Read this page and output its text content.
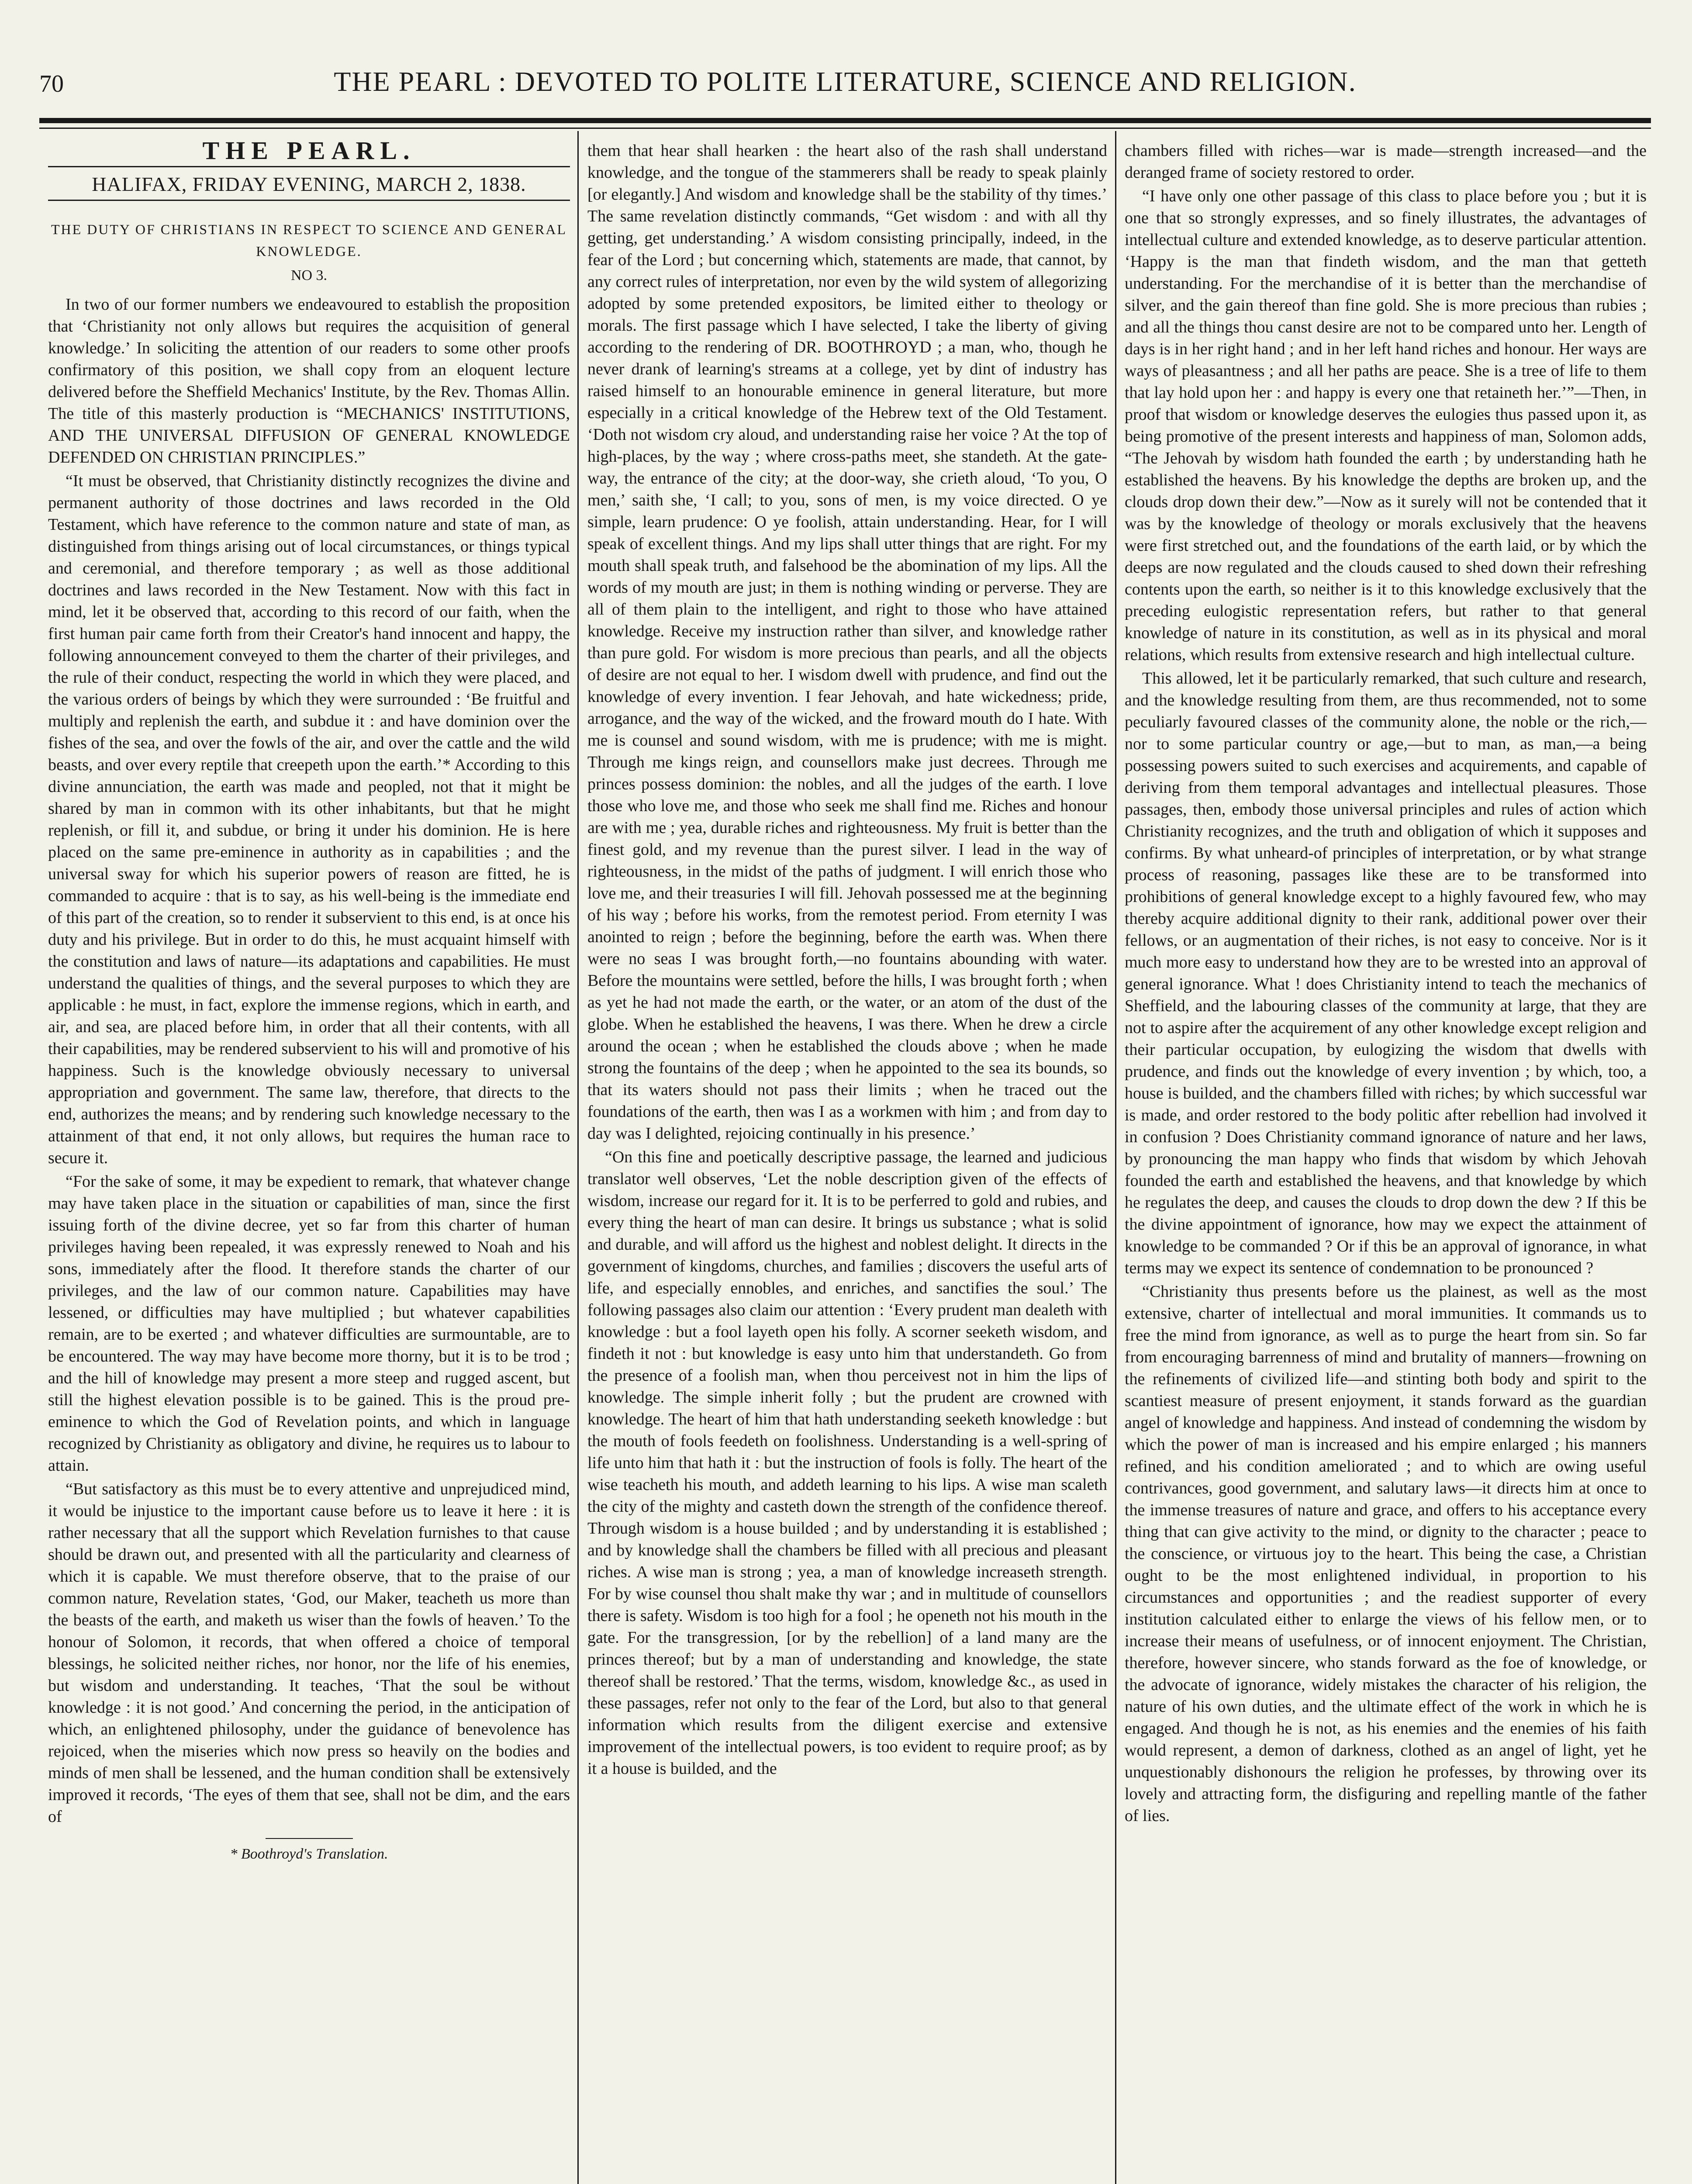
70	THE PEARL : DEVOTED TO POLITE LITERATURE, SCIENCE AND RELIGION.
THE PEARL.
HALIFAX, FRIDAY EVENING, MARCH 2, 1838.
THE DUTY OF CHRISTIANS IN RESPECT TO SCIENCE AND GENERAL KNOWLEDGE.
NO 3.

In two of our former numbers we endeavoured to establish the proposition that ‘Christianity not only allows but requires the acquisition of general knowledge.’ In soliciting the attention of our readers to some other proofs confirmatory of this position, we shall copy from an eloquent lecture delivered before the Sheffield Mechanics' Institute, by the Rev. Thomas Allin. The title of this masterly production is “MECHANICS' INSTITUTIONS, AND THE UNIVERSAL DIFFUSION OF GENERAL KNOWLEDGE DEFENDED ON CHRISTIAN PRINCIPLES.”

“It must be observed, that Christianity distinctly recognizes the divine and permanent authority of those doctrines and laws recorded in the Old Testament, which have reference to the common nature and state of man, as distinguished from things arising out of local circumstances, or things typical and ceremonial, and therefore temporary ; as well as those additional doctrines and laws recorded in the New Testament. Now with this fact in mind, let it be observed that, according to this record of our faith, when the first human pair came forth from their Creator's hand innocent and happy, the following announcement conveyed to them the charter of their privileges, and the rule of their conduct, respecting the world in which they were placed, and the various orders of beings by which they were surrounded : ‘Be fruitful and multiply and replenish the earth, and subdue it : and have dominion over the fishes of the sea, and over the fowls of the air, and over the cattle and the wild beasts, and over every reptile that creepeth upon the earth.’* According to this divine annunciation, the earth was made and peopled, not that it might be shared by man in common with its other inhabitants, but that he might replenish, or fill it, and subdue, or bring it under his dominion. He is here placed on the same pre-eminence in authority as in capabilities ; and the universal sway for which his superior powers of reason are fitted, he is commanded to acquire : that is to say, as his well-being is the immediate end of this part of the creation, so to render it subservient to this end, is at once his duty and his privilege. But in order to do this, he must acquaint himself with the constitution and laws of nature—its adaptations and capabilities. He must understand the qualities of things, and the several purposes to which they are applicable : he must, in fact, explore the immense regions, which in earth, and air, and sea, are placed before him, in order that all their contents, with all their capabilities, may be rendered subservient to his will and promotive of his happiness. Such is the knowledge obviously necessary to universal appropriation and government. The same law, therefore, that directs to the end, authorizes the means; and by rendering such knowledge necessary to the attainment of that end, it not only allows, but requires the human race to secure it.

“For the sake of some, it may be expedient to remark, that whatever change may have taken place in the situation or capabilities of man, since the first issuing forth of the divine decree, yet so far from this charter of human privileges having been repealed, it was expressly renewed to Noah and his sons, immediately after the flood. It therefore stands the charter of our privileges, and the law of our common nature. Capabilities may have lessened, or difficulties may have multiplied ; but whatever capabilities remain, are to be exerted ; and whatever difficulties are surmountable, are to be encountered. The way may have become more thorny, but it is to be trod ; and the hill of knowledge may present a more steep and rugged ascent, but still the highest elevation possible is to be gained. This is the proud pre-eminence to which the God of Revelation points, and which in language recognized by Christianity as obligatory and divine, he requires us to labour to attain.

“But satisfactory as this must be to every attentive and unprejudiced mind, it would be injustice to the important cause before us to leave it here : it is rather necessary that all the support which Revelation furnishes to that cause should be drawn out, and presented with all the particularity and clearness of which it is capable. We must therefore observe, that to the praise of our common nature, Revelation states, ‘God, our Maker, teacheth us more than the beasts of the earth, and maketh us wiser than the fowls of heaven.’ To the honour of Solomon, it records, that when offered a choice of temporal blessings, he solicited neither riches, nor honor, nor the life of his enemies, but wisdom and understanding. It teaches, ‘That the soul be without knowledge : it is not good.’ And concerning the period, in the anticipation of which, an enlightened philosophy, under the guidance of benevolence has rejoiced, when the miseries which now press so heavily on the bodies and minds of men shall be lessened, and the human condition shall be extensively improved it records, ‘The eyes of them that see, shall not be dim, and the ears of

* Boothroyd's Translation.

them that hear shall hearken : the heart also of the rash shall understand knowledge, and the tongue of the stammerers shall be ready to speak plainly [or elegantly.] And wisdom and knowledge shall be the stability of thy times.’ The same revelation distinctly commands, “Get wisdom : and with all thy getting, get understanding.’ A wisdom consisting principally, indeed, in the fear of the Lord ; but concerning which, statements are made, that cannot, by any correct rules of interpretation, nor even by the wild system of allegorizing adopted by some pretended expositors, be limited either to theology or morals. The first passage which I have selected, I take the liberty of giving according to the rendering of DR. BOOTHROYD ; a man, who, though he never drank of learning's streams at a college, yet by dint of industry has raised himself to an honourable eminence in general literature, but more especially in a critical knowledge of the Hebrew text of the Old Testament. ‘Doth not wisdom cry aloud, and understanding raise her voice ? At the top of high-places, by the way ; where cross-paths meet, she standeth. At the gate-way, the entrance of the city; at the door-way, she crieth aloud, ‘To you, O men,’ saith she, ‘I call; to you, sons of men, is my voice directed. O ye simple, learn prudence: O ye foolish, attain understanding. Hear, for I will speak of excellent things. And my lips shall utter things that are right. For my mouth shall speak truth, and falsehood be the abomination of my lips. All the words of my mouth are just; in them is nothing winding or perverse. They are all of them plain to the intelligent, and right to those who have attained knowledge. Receive my instruction rather than silver, and knowledge rather than pure gold. For wisdom is more precious than pearls, and all the objects of desire are not equal to her. I wisdom dwell with prudence, and find out the knowledge of every invention. I fear Jehovah, and hate wickedness; pride, arrogance, and the way of the wicked, and the froward mouth do I hate. With me is counsel and sound wisdom, with me is prudence; with me is might. Through me kings reign, and counsellors make just decrees. Through me princes possess dominion: the nobles, and all the judges of the earth. I love those who love me, and those who seek me shall find me. Riches and honour are with me ; yea, durable riches and righteousness. My fruit is better than the finest gold, and my revenue than the purest silver. I lead in the way of righteousness, in the midst of the paths of judgment. I will enrich those who love me, and their treasuries I will fill. Jehovah possessed me at the beginning of his way ; before his works, from the remotest period. From eternity I was anointed to reign ; before the beginning, before the earth was. When there were no seas I was brought forth,—no fountains abounding with water. Before the mountains were settled, before the hills, I was brought forth ; when as yet he had not made the earth, or the water, or an atom of the dust of the globe. When he established the heavens, I was there. When he drew a circle around the ocean ; when he established the clouds above ; when he made strong the fountains of the deep ; when he appointed to the sea its bounds, so that its waters should not pass their limits ; when he traced out the foundations of the earth, then was I as a workmen with him ; and from day to day was I delighted, rejoicing continually in his presence.’

“On this fine and poetically descriptive passage, the learned and judicious translator well observes, ‘Let the noble description given of the effects of wisdom, increase our regard for it. It is to be perferred to gold and rubies, and every thing the heart of man can desire. It brings us substance ; what is solid and durable, and will afford us the highest and noblest delight. It directs in the government of kingdoms, churches, and families ; discovers the useful arts of life, and especially ennobles, and enriches, and sanctifies the soul.’ The following passages also claim our attention : ‘Every prudent man dealeth with knowledge : but a fool layeth open his folly. A scorner seeketh wisdom, and findeth it not : but knowledge is easy unto him that understandeth. Go from the presence of a foolish man, when thou perceivest not in him the lips of knowledge. The simple inherit folly ; but the prudent are crowned with knowledge. The heart of him that hath understanding seeketh knowledge : but the mouth of fools feedeth on foolishness. Understanding is a well-spring of life unto him that hath it : but the instruction of fools is folly. The heart of the wise teacheth his mouth, and addeth learning to his lips. A wise man scaleth the city of the mighty and casteth down the strength of the confidence thereof. Through wisdom is a house builded ; and by understanding it is established ; and by knowledge shall the chambers be filled with all precious and pleasant riches. A wise man is strong ; yea, a man of knowledge increaseth strength. For by wise counsel thou shalt make thy war ; and in multitude of counsellors there is safety. Wisdom is too high for a fool ; he openeth not his mouth in the gate. For the transgression, [or by the rebellion] of a land many are the princes thereof; but by a man of understanding and knowledge, the state thereof shall be restored.’ That the terms, wisdom, knowledge &c., as used in these passages, refer not only to the fear of the Lord, but also to that general information which results from the diligent exercise and extensive improvement of the intellectual powers, is too evident to require proof; as by it a house is builded, and the

chambers filled with riches—war is made—strength increased—and the deranged frame of society restored to order.

“I have only one other passage of this class to place before you ; but it is one that so strongly expresses, and so finely illustrates, the advantages of intellectual culture and extended knowledge, as to deserve particular attention. ‘Happy is the man that findeth wisdom, and the man that getteth understanding. For the merchandise of it is better than the merchandise of silver, and the gain thereof than fine gold. She is more precious than rubies ; and all the things thou canst desire are not to be compared unto her. Length of days is in her right hand ; and in her left hand riches and honour. Her ways are ways of pleasantness ; and all her paths are peace. She is a tree of life to them that lay hold upon her : and happy is every one that retaineth her.’”—Then, in proof that wisdom or knowledge deserves the eulogies thus passed upon it, as being promotive of the present interests and happiness of man, Solomon adds, “The Jehovah by wisdom hath founded the earth ; by understanding hath he established the heavens. By his knowledge the depths are broken up, and the clouds drop down their dew.”—Now as it surely will not be contended that it was by the knowledge of theology or morals exclusively that the heavens were first stretched out, and the foundations of the earth laid, or by which the deeps are now regulated and the clouds caused to shed down their refreshing contents upon the earth, so neither is it to this knowledge exclusively that the preceding eulogistic representation refers, but rather to that general knowledge of nature in its constitution, as well as in its physical and moral relations, which results from extensive research and high intellectual culture.

This allowed, let it be particularly remarked, that such culture and research, and the knowledge resulting from them, are thus recommended, not to some peculiarly favoured classes of the community alone, the noble or the rich,—nor to some particular country or age,—but to man, as man,—a being possessing powers suited to such exercises and acquirements, and capable of deriving from them temporal advantages and intellectual pleasures. Those passages, then, embody those universal principles and rules of action which Christianity recognizes, and the truth and obligation of which it supposes and confirms. By what unheard-of principles of interpretation, or by what strange process of reasoning, passages like these are to be transformed into prohibitions of general knowledge except to a highly favoured few, who may thereby acquire additional dignity to their rank, additional power over their fellows, or an augmentation of their riches, is not easy to conceive. Nor is it much more easy to understand how they are to be wrested into an approval of general ignorance. What ! does Christianity intend to teach the mechanics of Sheffield, and the labouring classes of the community at large, that they are not to aspire after the acquirement of any other knowledge except religion and their particular occupation, by eulogizing the wisdom that dwells with prudence, and finds out the knowledge of every invention ; by which, too, a house is builded, and the chambers filled with riches; by which successful war is made, and order restored to the body politic after rebellion had involved it in confusion ? Does Christianity command ignorance of nature and her laws, by pronouncing the man happy who finds that wisdom by which Jehovah founded the earth and established the heavens, and that knowledge by which he regulates the deep, and causes the clouds to drop down the dew ? If this be the divine appointment of ignorance, how may we expect the attainment of knowledge to be commanded ? Or if this be an approval of ignorance, in what terms may we expect its sentence of condemnation to be pronounced ?

“Christianity thus presents before us the plainest, as well as the most extensive, charter of intellectual and moral immunities. It commands us to free the mind from ignorance, as well as to purge the heart from sin. So far from encouraging barrenness of mind and brutality of manners—frowning on the refinements of civilized life—and stinting both body and spirit to the scantiest measure of present enjoyment, it stands forward as the guardian angel of knowledge and happiness. And instead of condemning the wisdom by which the power of man is increased and his empire enlarged ; his manners refined, and his condition ameliorated ; and to which are owing useful contrivances, good government, and salutary laws—it directs him at once to the immense treasures of nature and grace, and offers to his acceptance every thing that can give activity to the mind, or dignity to the character ; peace to the conscience, or virtuous joy to the heart. This being the case, a Christian ought to be the most enlightened individual, in proportion to his circumstances and opportunities ; and the readiest supporter of every institution calculated either to enlarge the views of his fellow men, or to increase their means of usefulness, or of innocent enjoyment. The Christian, therefore, however sincere, who stands forward as the foe of knowledge, or the advocate of ignorance, widely mistakes the character of his religion, the nature of his own duties, and the ultimate effect of the work in which he is engaged. And though he is not, as his enemies and the enemies of his faith would represent, a demon of darkness, clothed as an angel of light, yet he unquestionably dishonours the religion he professes, by throwing over its lovely and attracting form, the disfiguring and repelling mantle of the father of lies.
